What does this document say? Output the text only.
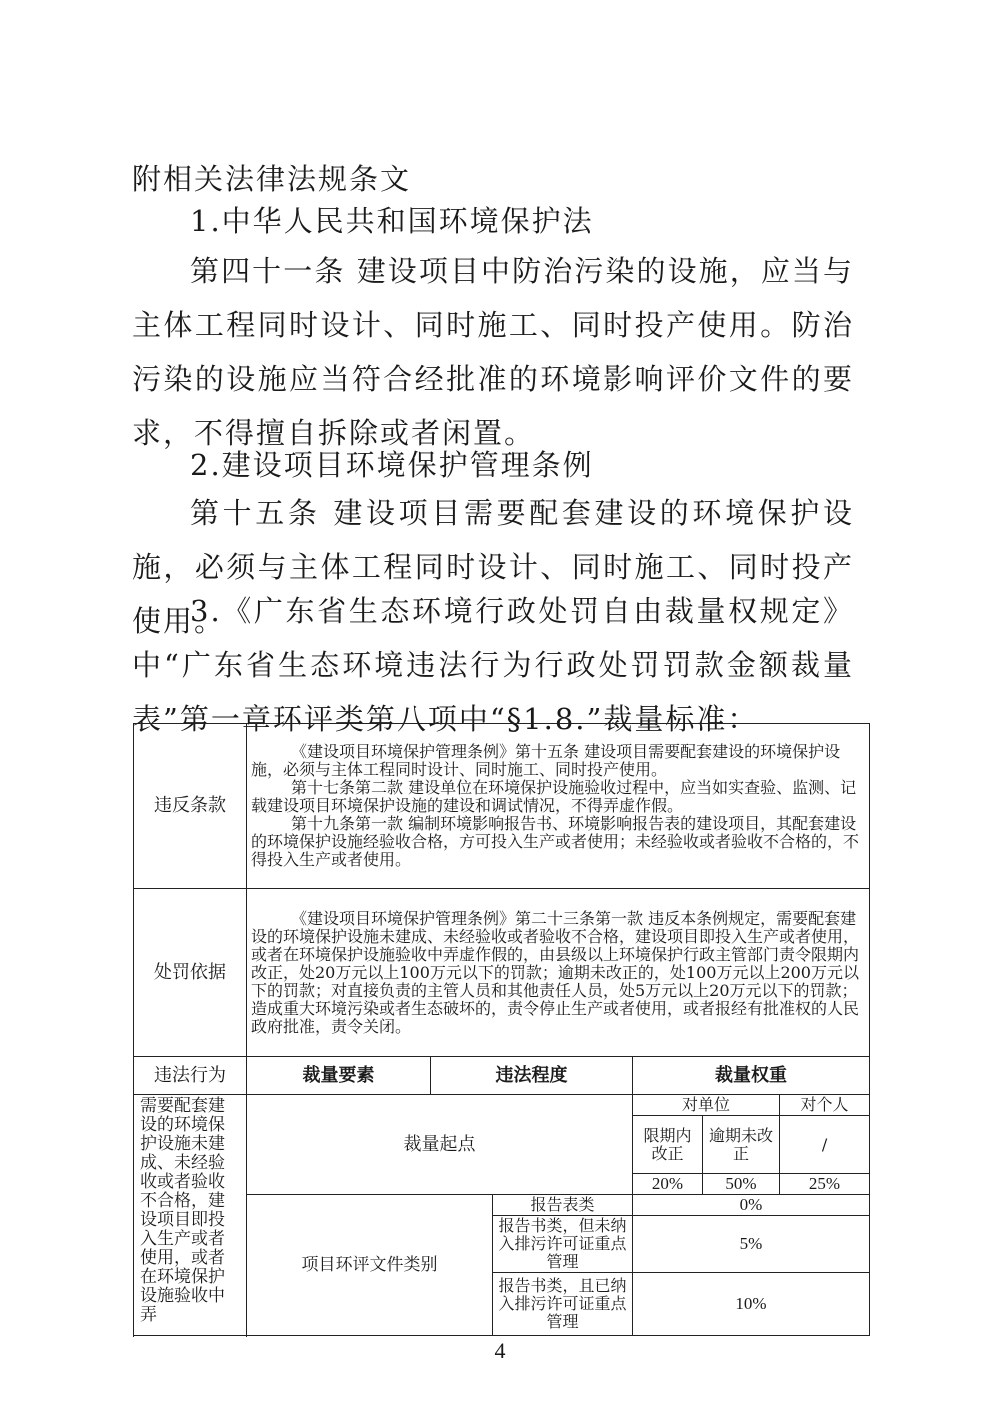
附相关法律法规条文

1.中华人民共和国环境保护法

第四十一条 建设项目中防治污染的设施，应当与主体工程同时设计、同时施工、同时投产使用。防治污染的设施应当符合经批准的环境影响评价文件的要求，不得擅自拆除或者闲置。

2.建设项目环境保护管理条例

第十五条 建设项目需要配套建设的环境保护设施，必须与主体工程同时设计、同时施工、同时投产使用。

3.《广东省生态环境行政处罚自由裁量权规定》中“广东省生态环境违法行为行政处罚罚款金额裁量表”第一章环评类第八项中“§1.8.”裁量标准：

违反条款	《建设项目环境保护管理条例》第十五条 建设项目需要配套建设的环境保护设施，必须与主体工程同时设计、同时施工、同时投产使用。

第十七条第二款 建设单位在环境保护设施验收过程中，应当如实查验、监测、记载建设项目环境保护设施的建设和调试情况，不得弄虚作假。

第十九条第一款 编制环境影响报告书、环境影响报告表的建设项目，其配套建设的环境保护设施经验收合格，方可投入生产或者使用；未经验收或者验收不合格的，不得投入生产或者使用。					

处罚依据	《建设项目环境保护管理条例》第二十三条第一款 违反本条例规定，需要配套建设的环境保护设施未建成、未经验收或者验收不合格，建设项目即投入生产或者使用，或者在环境保护设施验收中弄虚作假的，由县级以上环境保护行政主管部门责令限期内改正，处20万元以上100万元以下的罚款；逾期未改正的，处100万元以上200万元以下的罚款；对直接负责的主管人员和其他责任人员，处5万元以上20万元以下的罚款；造成重大环境污染或者生态破坏的，责令停止生产或者使用，或者报经有批准权的人民政府批准，责令关闭。					

违法行为	裁量要素	违法程度		裁量权重		
需要配套建设的环境保护设施未建成、未经验收或者验收不合格，建设项目即投入生产或者使用，或者在环境保护设施验收中弄	裁量起点			对单位		对个人
				限期内改正	逾期未改正	/
				20%	50%	25%
	项目环评文件类别		报告表类	0%		
			报告书类，但未纳入排污许可证重点管理	5%		
			报告书类，且已纳入排污许可证重点管理	10%		

4
